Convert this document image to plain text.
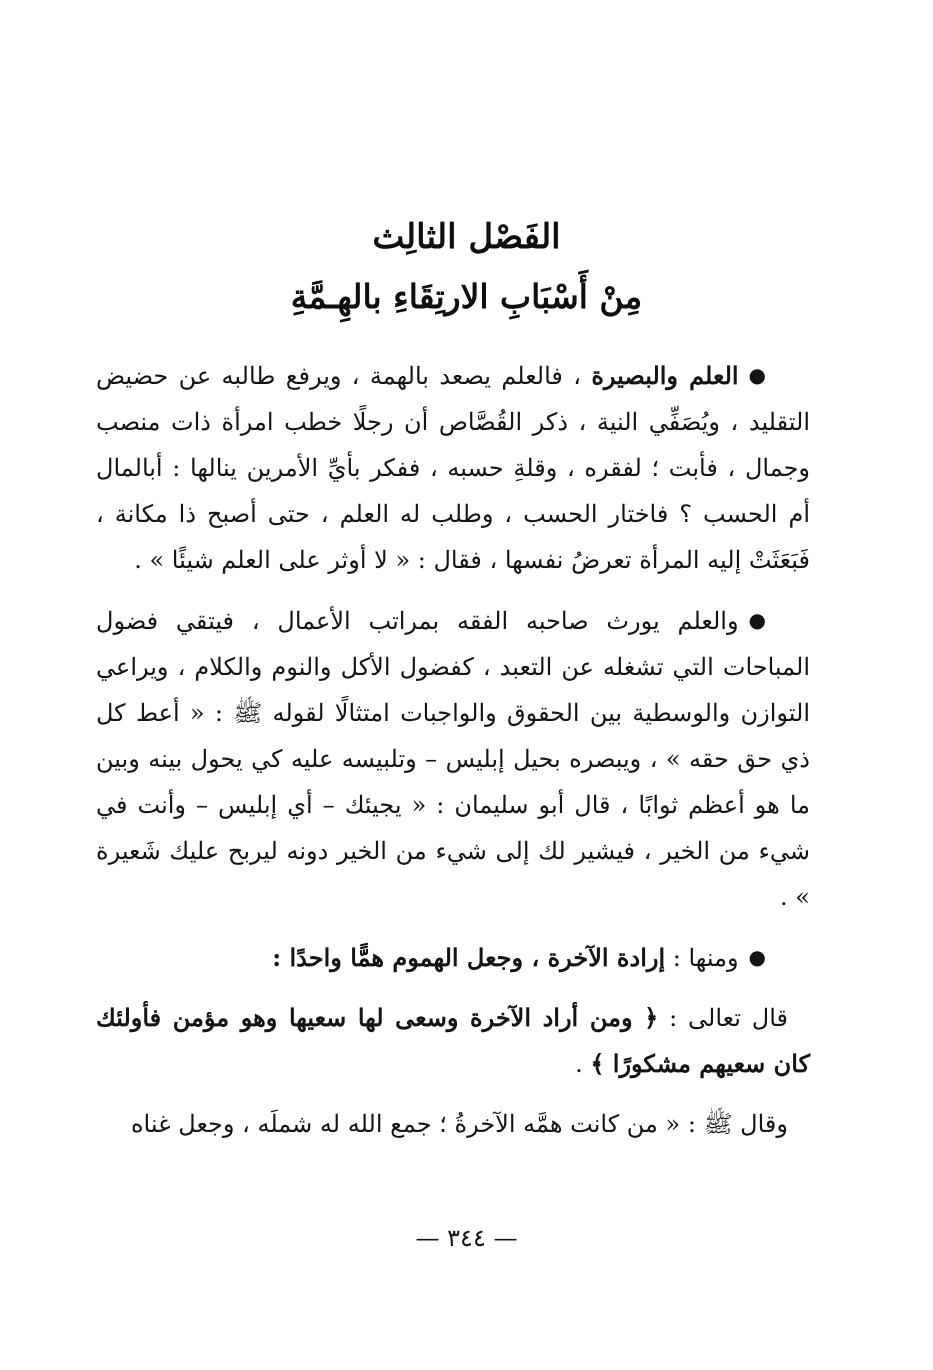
الفَصْل الثالِث
مِنْ أَسْبَابِ الارتِقَاءِ بالهِـمَّةِ

●العلم والبصيرة ، فالعلم يصعد بالهمة ، ويرفع طالبه عن حضيض التقليد ، ويُصَفِّي النية ، ذكر القُصَّاص أن رجلًا خطب امرأة ذات منصب وجمال ، فأبت ؛ لفقره ، وقلةِ حسبه ، ففكر بأيِّ الأمرين ينالها : أبالمال أم الحسب ؟ فاختار الحسب ، وطلب له العلم ، حتى أصبح ذا مكانة ، فَبَعَثَتْ إليه المرأة تعرضُ نفسها ، فقال : « لا أوثر على العلم شيئًا » .

●والعلم يورث صاحبه الفقه بمراتب الأعمال ، فيتقي فضول المباحات التي تشغله عن التعبد ، كفضول الأكل والنوم والكلام ، ويراعي التوازن والوسطية بين الحقوق والواجبات امتثالًا لقوله ﷺ : « أعط كل ذي حق حقه » ، ويبصره بحيل إبليس – وتلبيسه عليه كي يحول بينه وبين ما هو أعظم ثوابًا ، قال أبو سليمان : « يجيئك – أي إبليس – وأنت في شيء من الخير ، فيشير لك إلى شيء من الخير دونه ليربح عليك شَعيرة » .

●ومنها : إرادة الآخرة ، وجعل الهموم همًّا واحدًا :

قال تعالى : ﴿ ومن أراد الآخرة وسعى لها سعيها وهو مؤمن فأولئك كان سعيهم مشكورًا ﴾ .

وقال ﷺ : « من كانت همَّه الآخرةُ ؛ جمع الله له شملَه ، وجعل غناه

— ٣٤٤ —
